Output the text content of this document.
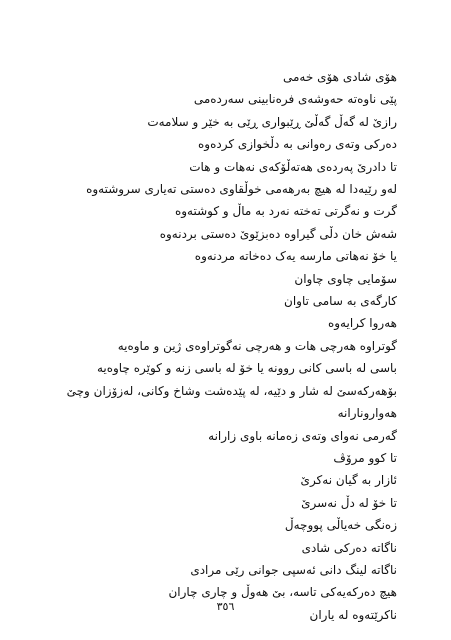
هۆی شادی هۆی خەمی
پێی ناوەتە حەوشەی فرەنابینی سەردەمی
رازێ لە گەڵ گەڵێ ڕێبواری ڕێی بە خێر و سلامەت
دەرکی وتەی رەوانی بە دڵخوازی کردەوە
تا دادرێ پەردەی هەتەڵۆکەی نەهات و هات
لەو رێیەدا لە هیچ بەرهەمی خوڵقاوی دەستی تەیاری سروشتەوە
گرت و نەگرتی تەختە نەرد بە ماڵ و کوشتەوە
شەش خان دڵی گیراوە دەبزێوێ دەستی بردنەوە
یا خۆ نەهاتی مارسە یەک دەخاتە مردنەوە
سۆمایی چاوی چاوان
کارگەی بە سامی تاوان
هەروا کرایەوە
گوتراوە هەرچی هات و هەرچی نەگوتراوەی ژین و ماوەیە
باسی لە باسی کانی روونە یا خۆ لە باسی زنە و کوێرە چاوەیە
بۆهەرکەسێ لە شار و دێیە، لە پێدەشت وشاخ وکانی، لەزۆزان وچێ هەوارونارانە
گەرمی نەوای وتەی زەمانە باوی زارانە
تا کوو مرۆڤ
ئازار بە گیان نەکرێ
تا خۆ لە دڵ نەسرێ
زەنگی خەیاڵی پووچەڵ
ناگاتە دەرکی شادی
ناگاتە لینگ دانی ئەسپی جوانی رێی مرادی
هیچ دەرکەیەکی تاسە، بێ هەوڵ و چاری چاران
ناکرێتەوە لە یاران
٣٥٦
